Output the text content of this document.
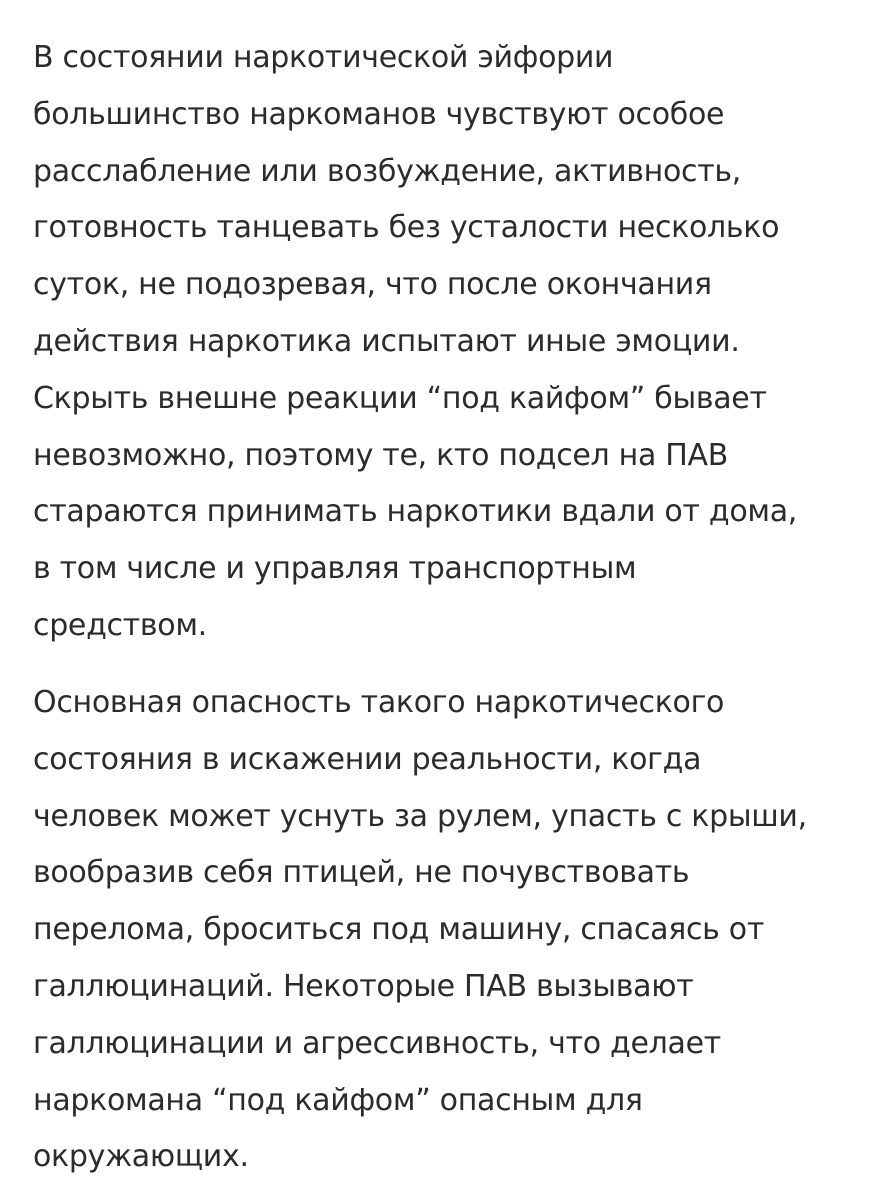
В состоянии наркотической эйфории
большинство наркоманов чувствуют особое
расслабление или возбуждение, активность,
готовность танцевать без усталости несколько
суток, не подозревая, что после окончания
действия наркотика испытают иные эмоции.
Скрыть внешне реакции “под кайфом” бывает
невозможно, поэтому те, кто подсел на ПАВ
стараются принимать наркотики вдали от дома,
в том числе и управляя транспортным
средством.
Основная опасность такого наркотического
состояния в искажении реальности, когда
человек может уснуть за рулем, упасть с крыши,
вообразив себя птицей, не почувствовать
перелома, броситься под машину, спасаясь от
галлюцинаций. Некоторые ПАВ вызывают
галлюцинации и агрессивность, что делает
наркомана “под кайфом” опасным для
окружающих.
